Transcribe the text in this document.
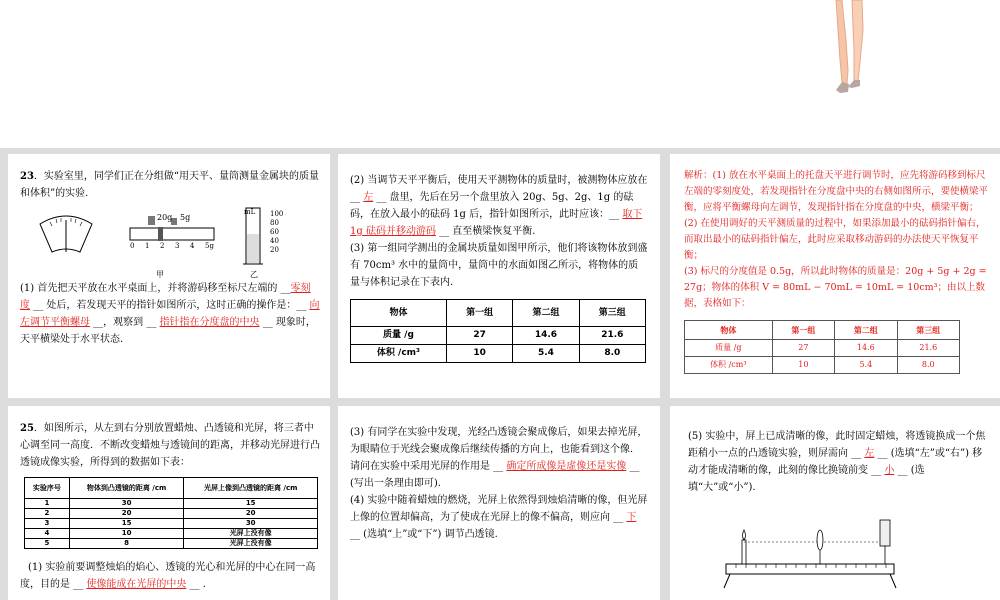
23．实验室里，同学们正在分组做“用天平、量筒测量金属块的质量和体积”的实验.

20g 5g
0 1 2 3 4 5g
甲
mL 100
80
60
40
20
乙

(1) 首先把天平放在水平桌面上，并将游码移至标尺左端的 __零刻度 __ 处后，若发现天平的指针如图所示，这时正确的操作是：__ 向左调节平衡螺母 __，观察到 __ 指针指在分度盘的中央 __ 现象时，天平横梁处于水平状态.

(2) 当调节天平平衡后，使用天平测物体的质量时，被测物体应放在 __ 左 __ 盘里，先后在另一个盘里放入 20g、5g、2g、1g 的砝码，在放入最小的砝码 1g 后，指针如图所示，此时应该：__ 取下 1g 砝码并移动游码 __ 直至横梁恢复平衡.

(3) 第一组同学测出的金属块质量如图甲所示，他们将该物体放到盛有 70cm³ 水中的量筒中，量筒中的水面如图乙所示，将物体的质量与体积记录在下表内.

物体	第一组	第二组	第三组
质量 /g	27	14.6	21.6
体积 /cm³	10	5.4	8.0

解析：(1) 放在水平桌面上的托盘天平进行调节时，应先将游码移到标尺左端的零刻度处，若发现指针在分度盘中央的右侧如图所示，要使横梁平衡，应将平衡螺母向左调节，发现指针指在分度盘的中央，横梁平衡；(2) 在使用调好的天平测质量的过程中，如果添加最小的砝码指针偏右，而取出最小的砝码指针偏左，此时应采取移动游码的办法使天平恢复平衡；

(3) 标尺的分度值是 0.5g，所以此时物体的质量是：20g + 5g + 2g = 27g；物体的体积 V = 80mL − 70mL = 10mL = 10cm³；由以上数据，表格如下：

物体	第一组	第二组	第三组
质量 /g	27	14.6	21.6
体积 /cm³	10	5.4	8.0

25．如图所示，从左到右分别放置蜡烛、凸透镜和光屏，将三者中心调至同一高度．不断改变蜡烛与透镜间的距离，并移动光屏进行凸透镜成像实验，所得到的数据如下表：

实验序号	物体到凸透镜的距离 /cm	光屏上像到凸透镜的距离 /cm
1	30	15
2	20	20
3	15	30
4	10	光屏上没有像
5	8	光屏上没有像

(1) 实验前要调整烛焰的焰心、透镜的光心和光屏的中心在同一高度，目的是 __ 使像能成在光屏的中央 __ .

(3) 有同学在实验中发现，光经凸透镜会聚成像后，如果去掉光屏，为眼睛位于光线会聚成像后继续传播的方向上，也能看到这个像．请问在实验中采用光屏的作用是 __ 确定所成像是虚像还是实像 __ (写出一条理由即可).

(4) 实验中随着蜡烛的燃烧，光屏上依然得到烛焰清晰的像，但光屏上像的位置却偏高，为了使成在光屏上的像不偏高，则应向 __ 下 __ (选填“上”或“下”) 调节凸透镜.

(5) 实验中，屏上已成清晰的像，此时固定蜡烛，将透镜换成一个焦距稍小一点的凸透镜实验，则屏需向 __ 左 __ (选填“左”或“右”) 移动才能成清晰的像，此刻的像比换镜前变 __ 小 __ (选填“大”或“小”).
